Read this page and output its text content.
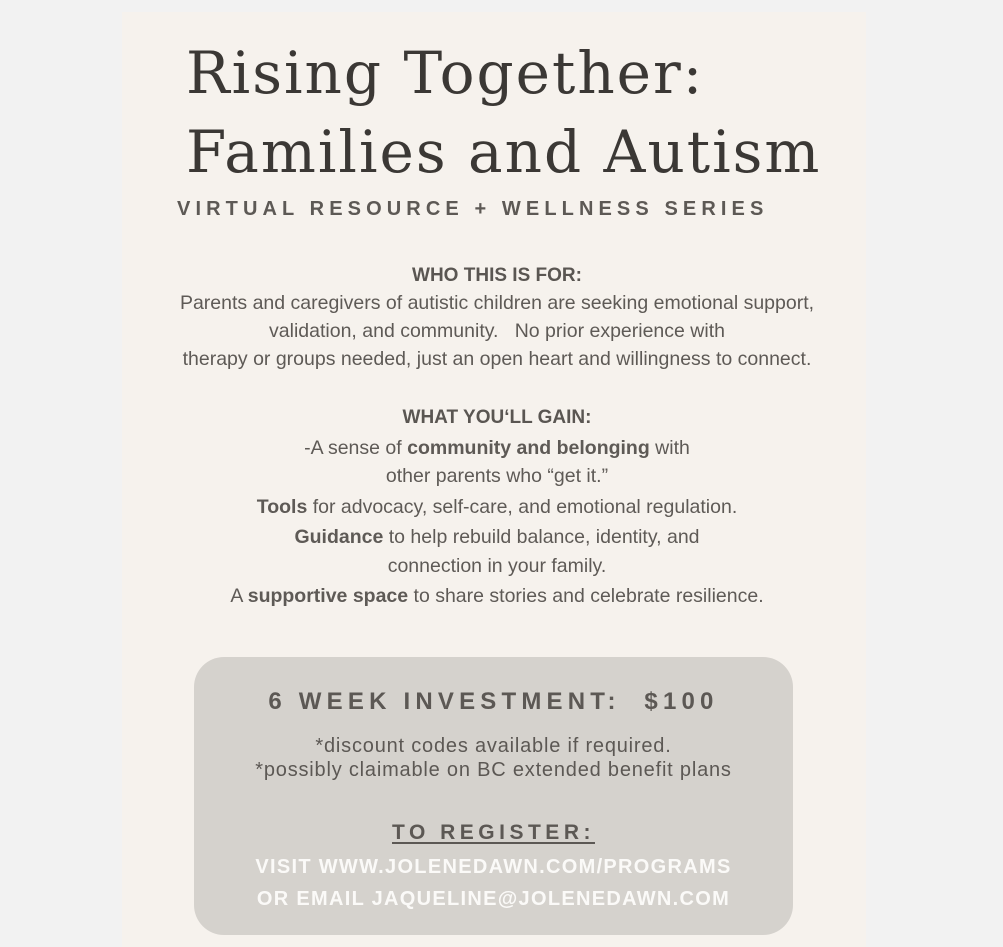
Rising Together:
Families and Autism
VIRTUAL RESOURCE + WELLNESS SERIES
WHO THIS IS FOR:
Parents and caregivers of autistic children are seeking emotional support,
validation, and community.   No prior experience with
therapy or groups needed, just an open heart and willingness to connect.
WHAT YOU‘LL GAIN:
-A sense of community and belonging with
other parents who “get it.”
Tools for advocacy, self-care, and emotional regulation.
Guidance to help rebuild balance, identity, and
connection in your family.
A supportive space to share stories and celebrate resilience.
6 WEEK INVESTMENT:  $100
*discount codes available if required.
*possibly claimable on BC extended benefit plans
TO REGISTER:
VISIT WWW.JOLENEDAWN.COM/PROGRAMS
OR EMAIL JAQUELINE@JOLENEDAWN.COM
